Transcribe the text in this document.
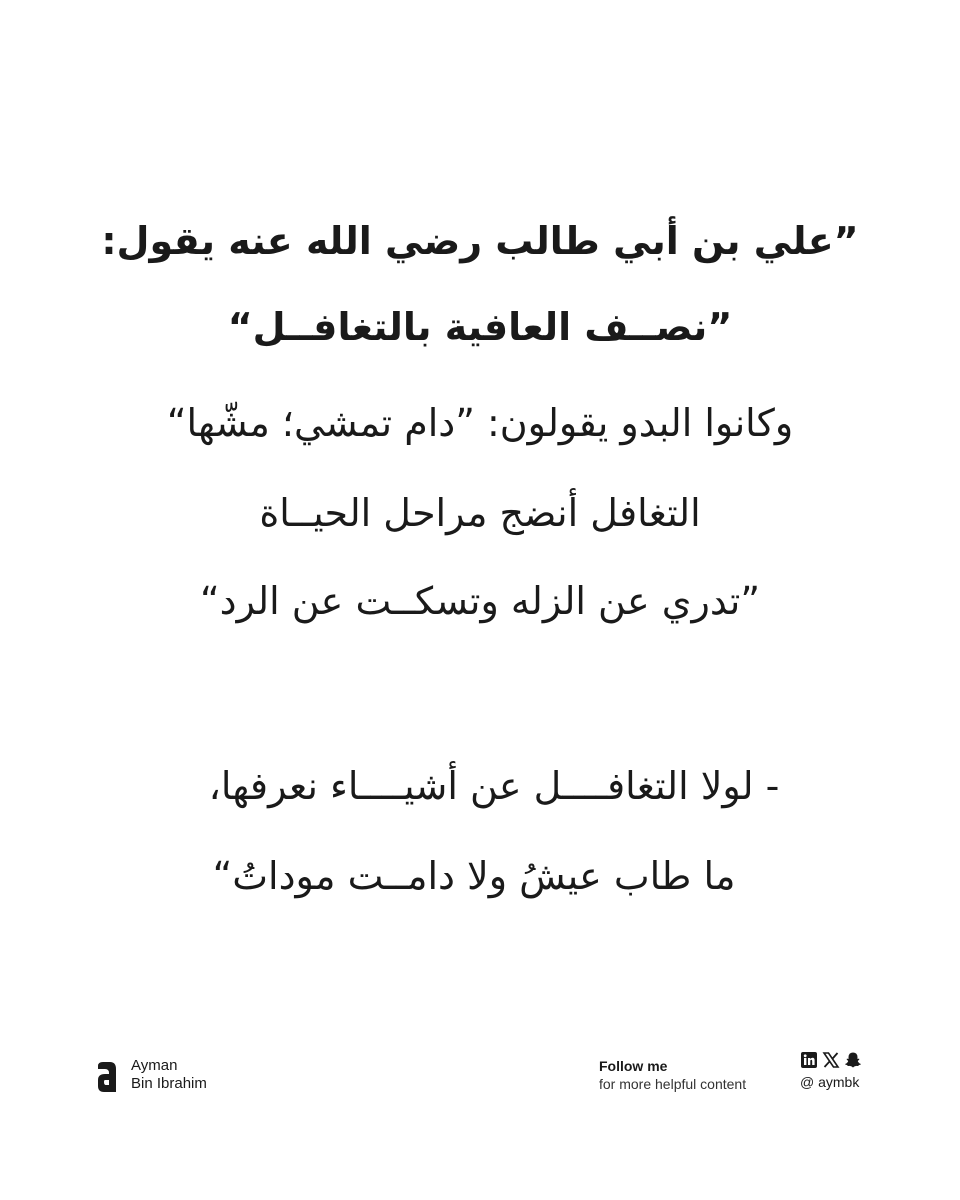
”علي بن أبي طالب رضي الله عنه يقول:
”نصــف العافية بالتغافــل“
وكانوا البدو يقولون: ”دام تمشي؛ مشّها“
التغافل أنضج مراحل الحيــاة
”تدري عن الزله وتسكــت عن الرد“
- لولا التغافــــل عن أشيــــاء نعرفها،
ما طاب عيشُ ولا دامــت موداتُ“
Ayman
Bin Ibrahim
Follow me
for more helpful content	@ aymbk
